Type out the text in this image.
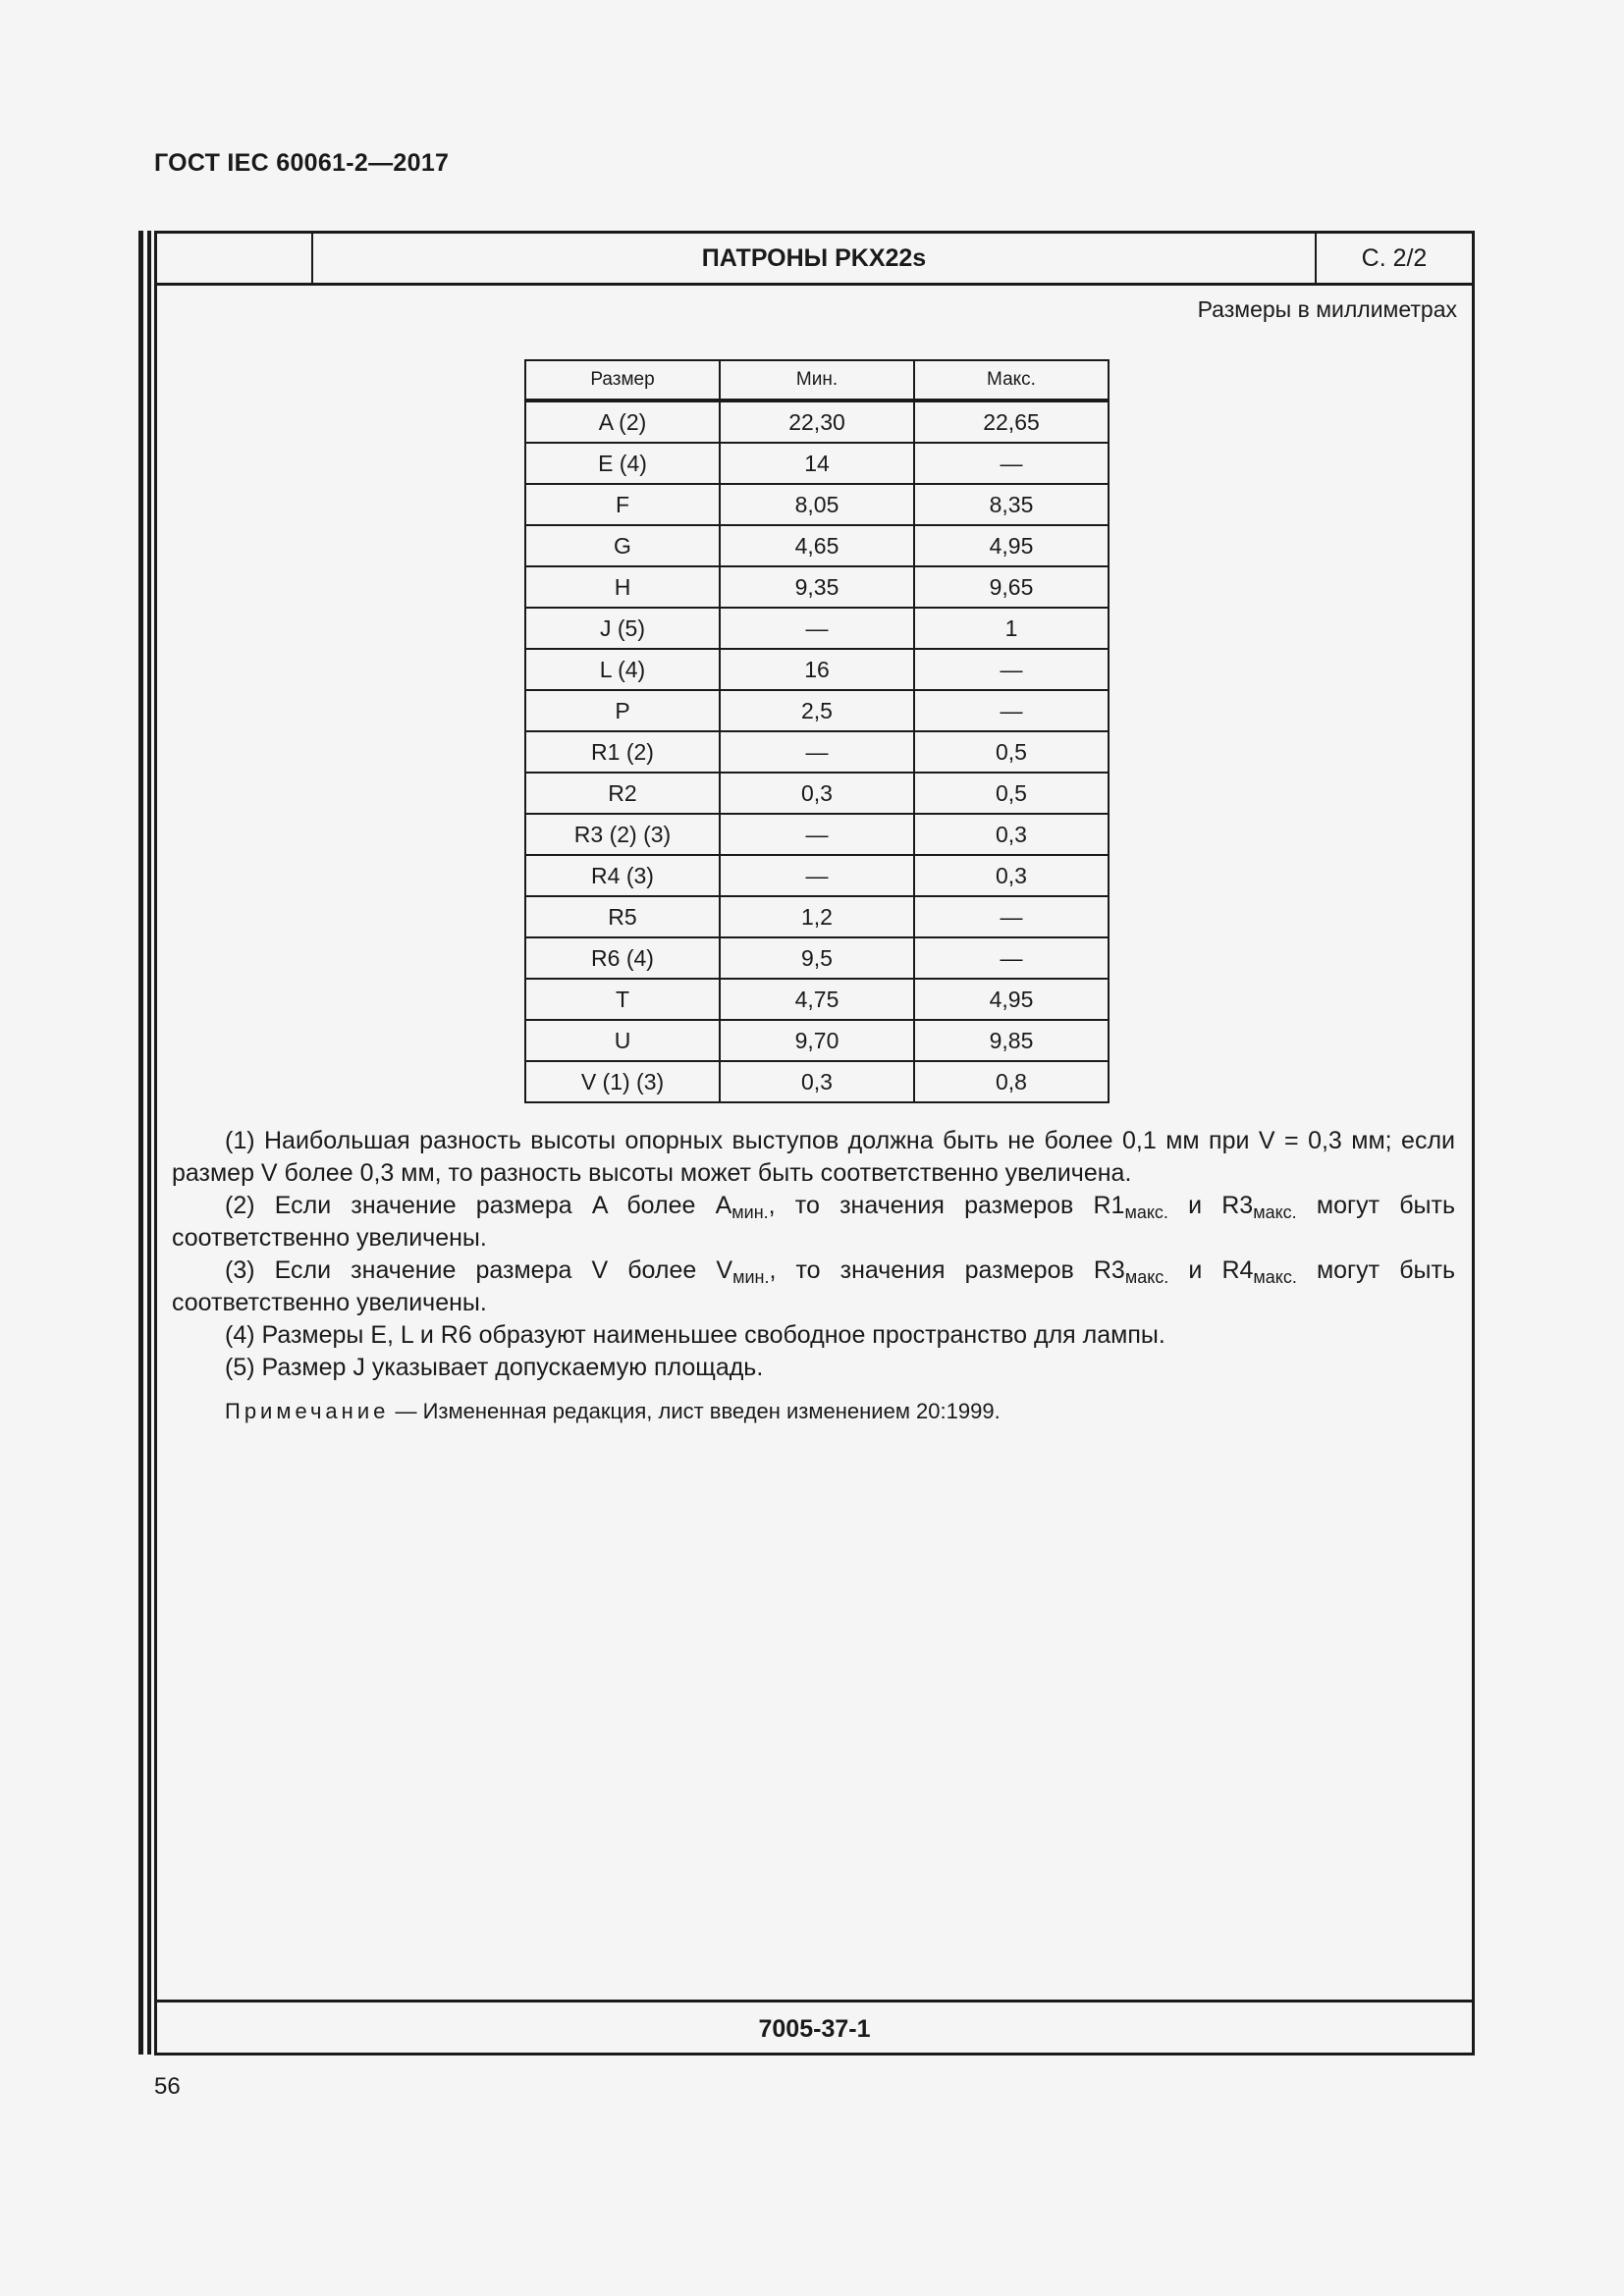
ГОСТ IEC 60061-2—2017
ПАТРОНЫ PKX22s	С. 2/2
Размеры в миллиметрах
Размер	Мин.	Макс.
A (2)	22,30	22,65
E (4)	14	—
F	8,05	8,35
G	4,65	4,95
H	9,35	9,65
J (5)	—	1
L (4)	16	—
P	2,5	—
R1 (2)	—	0,5
R2	0,3	0,5
R3 (2) (3)	—	0,3
R4 (3)	—	0,3
R5	1,2	—
R6 (4)	9,5	—
T	4,75	4,95
U	9,70	9,85
V (1) (3)	0,3	0,8

(1) Наибольшая разность высоты опорных выступов должна быть не более 0,1 мм при V = 0,3 мм; если размер V более 0,3 мм, то разность высоты может быть соответственно увеличена.

(2) Если значение размера A более $A_{мин.}$, то значения размеров $R1_{макс.}$ и $R3_{макс.}$ могут быть соответственно увеличены.

(3) Если значение размера V более $V_{мин.}$, то значения размеров $R3_{макс.}$ и $R4_{макс.}$ могут быть соответственно увеличены.

(4) Размеры E, L и R6 образуют наименьшее свободное пространство для лампы.

(5) Размер J указывает допускаемую площадь.

Примечание — Измененная редакция, лист введен изменением 20:1999.
7005-37-1
56
